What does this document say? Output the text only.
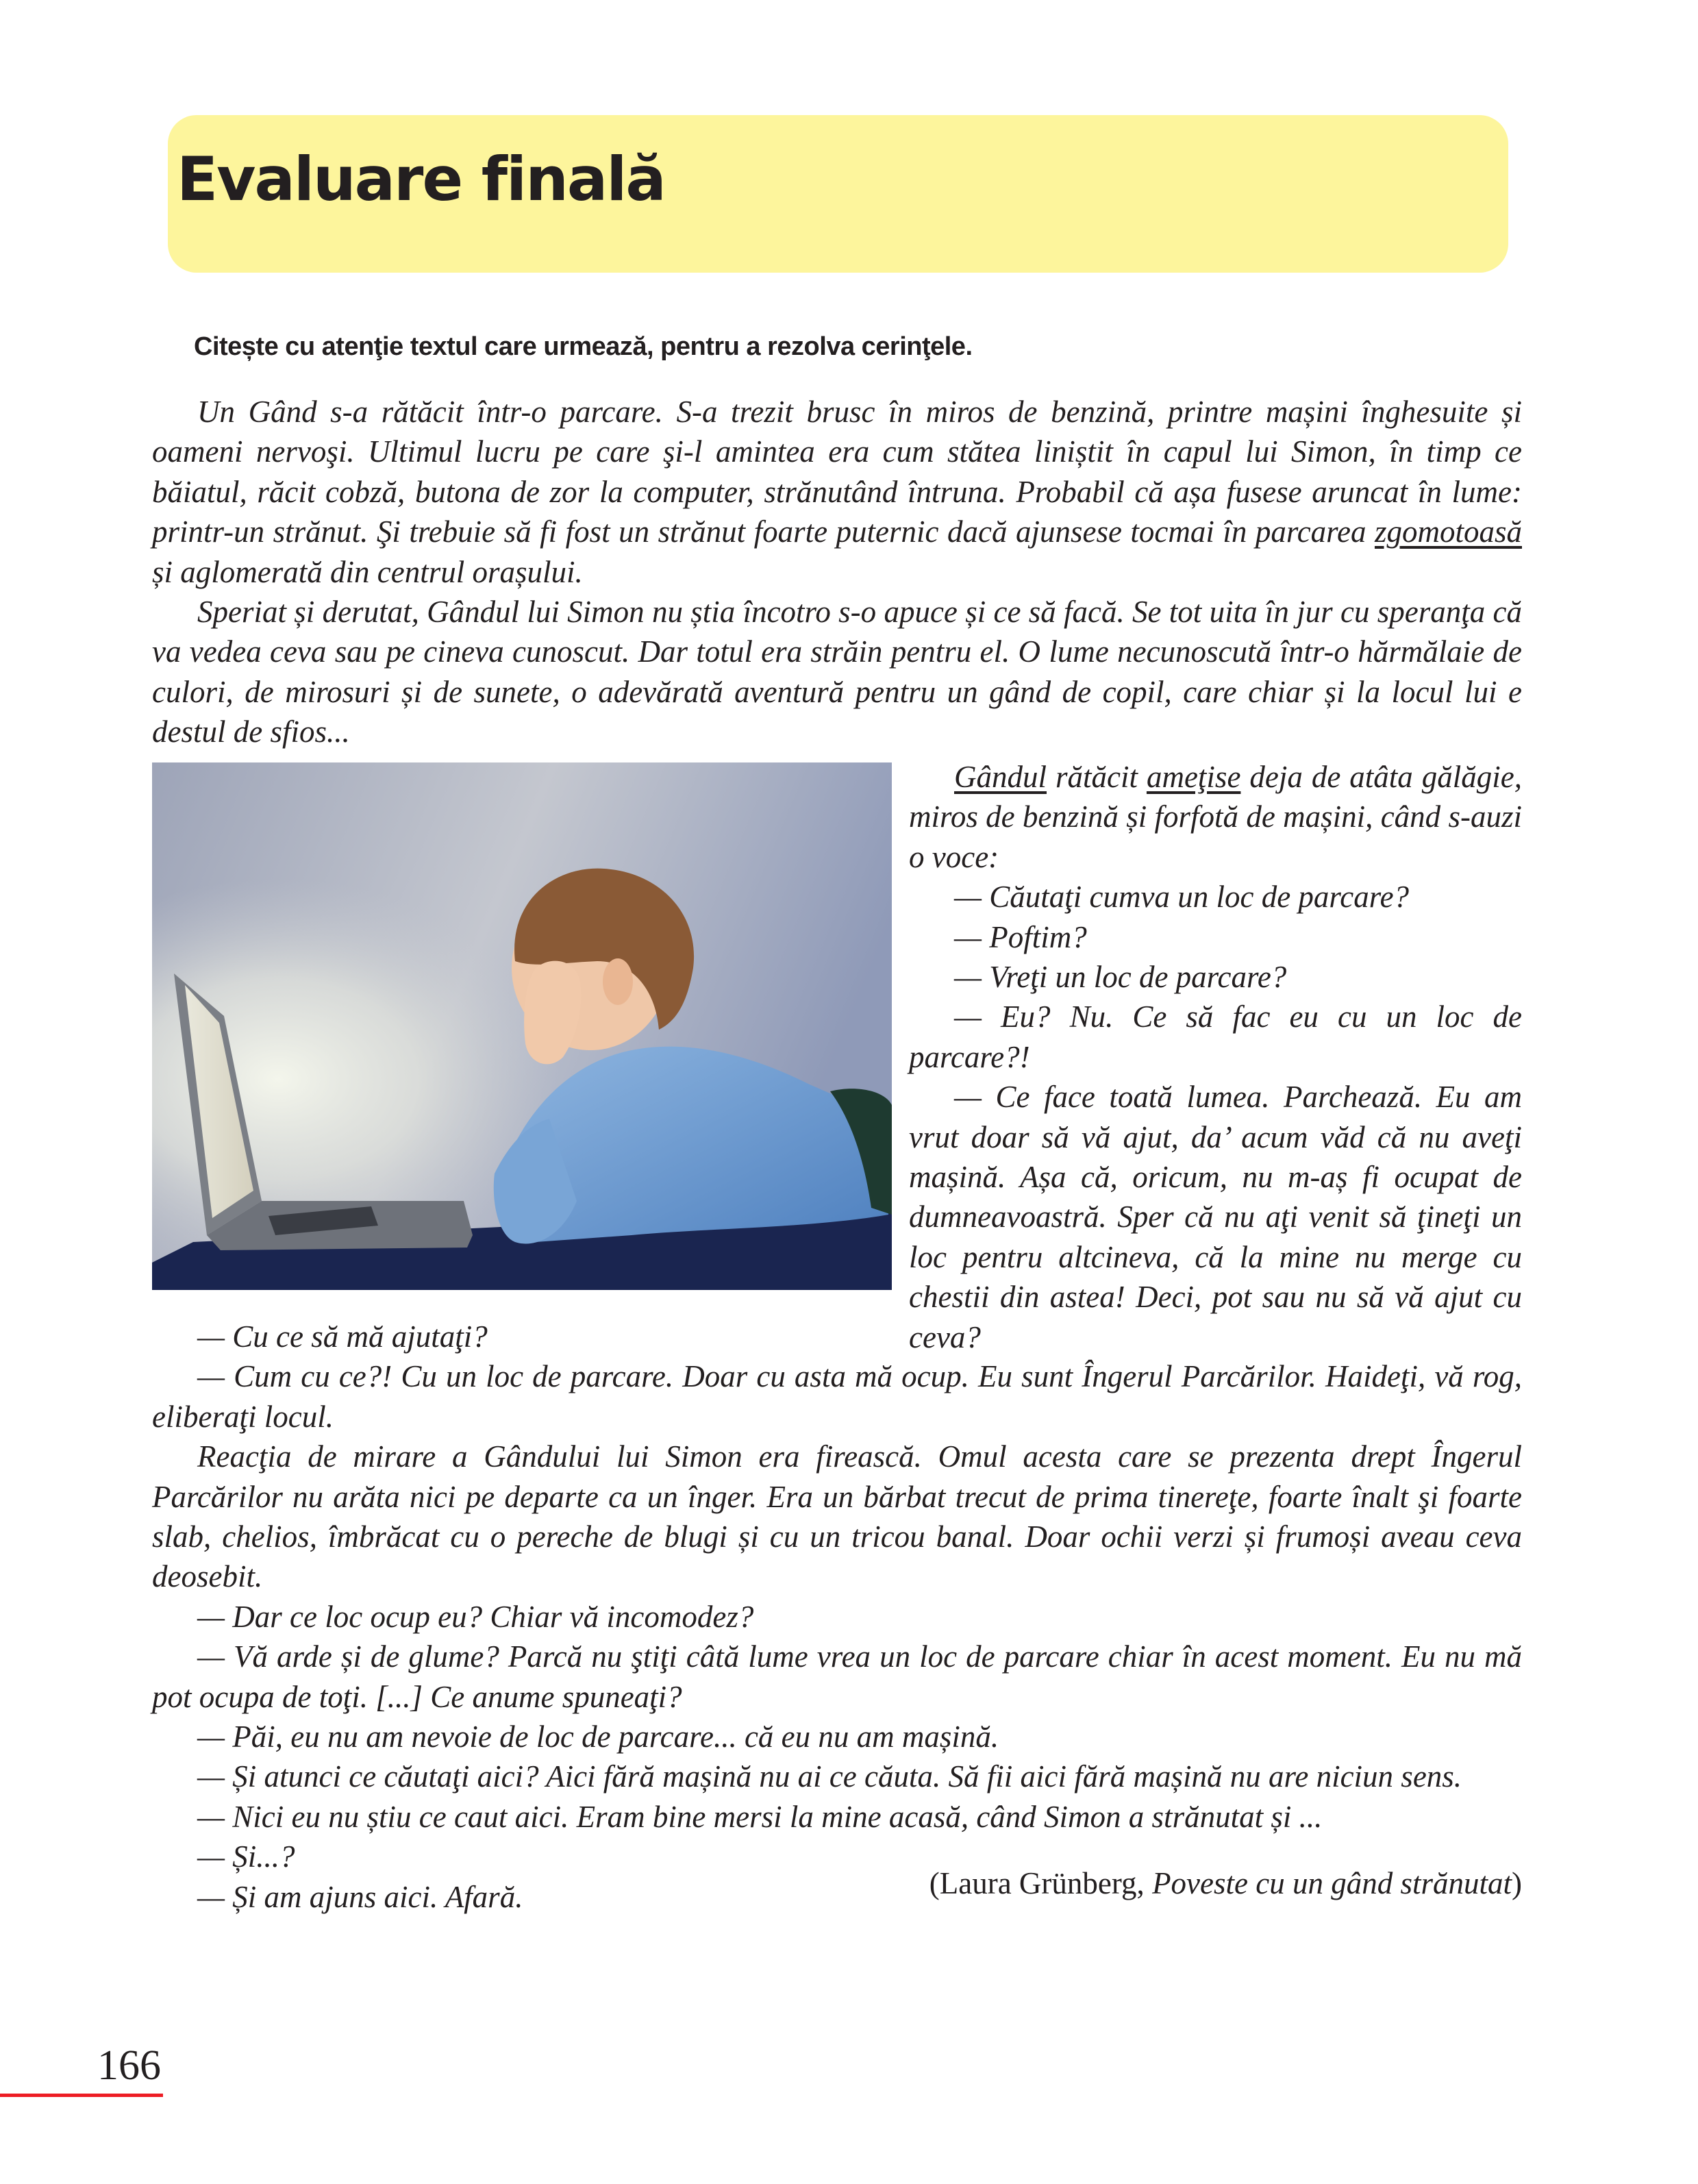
Evaluare finală

Citește cu atenţie textul care urmează, pentru a rezolva cerinţele.

Un Gând s-a rătăcit într-o parcare. S-a trezit brusc în miros de benzină, printre mașini înghesuite și oameni nervoşi. Ultimul lucru pe care şi-l amintea era cum stătea liniștit în capul lui Simon, în timp ce băiatul, răcit cobză, butona de zor la computer, strănutând întruna. Probabil că așa fusese aruncat în lume: printr-un strănut. Şi trebuie să fi fost un strănut foarte puternic dacă ajunsese tocmai în parcarea zgomotoasă și aglomerată din centrul orașului.

Speriat și derutat, Gândul lui Simon nu știa încotro s-o apuce și ce să facă. Se tot uita în jur cu speranţa că va vedea ceva sau pe cineva cunoscut. Dar totul era străin pentru el. O lume necunoscută într-o hărmălaie de culori, de mirosuri și de sunete, o adevărată aventură pentru un gând de copil, care chiar și la locul lui e destul de sfios...

Gândul rătăcit ameţise deja de atâta gălăgie, miros de benzină și forfotă de mașini, când s-auzi o voce:

— Căutaţi cumva un loc de parcare?

— Poftim?

— Vreţi un loc de parcare?

— Eu? Nu. Ce să fac eu cu un loc de parcare?!

— Ce face toată lumea. Parchează. Eu am vrut doar să vă ajut, da’ acum văd că nu aveţi mașină. Așa că, oricum, nu m-aș fi ocupat de dumneavoastră. Sper că nu aţi venit să ţineţi un loc pentru altcineva, că la mine nu merge cu chestii din astea! Deci, pot sau nu să vă ajut cu ceva?

— Cu ce să mă ajutaţi?

— Cum cu ce?! Cu un loc de parcare. Doar cu asta mă ocup. Eu sunt Îngerul Parcărilor. Haideţi, vă rog, eliberaţi locul.

Reacţia de mirare a Gândului lui Simon era firească. Omul acesta care se prezenta drept Îngerul Parcărilor nu arăta nici pe departe ca un înger. Era un bărbat trecut de prima tinereţe, foarte înalt şi foarte slab, chelios, îmbrăcat cu o pereche de blugi și cu un tricou banal. Doar ochii verzi și frumoși aveau ceva deosebit.

— Dar ce loc ocup eu? Chiar vă incomodez?

— Vă arde și de glume? Parcă nu ştiţi câtă lume vrea un loc de parcare chiar în acest moment. Eu nu mă pot ocupa de toţi. [...] Ce anume spuneaţi?

— Păi, eu nu am nevoie de loc de parcare... că eu nu am mașină.

— Și atunci ce căutaţi aici? Aici fără mașină nu ai ce căuta. Să fii aici fără mașină nu are niciun sens.

— Nici eu nu știu ce caut aici. Eram bine mersi la mine acasă, când Simon a strănutat și ...

— Și...?

— Și am ajuns aici. Afară.	(Laura Grünberg, Poveste cu un gând strănutat)
166
